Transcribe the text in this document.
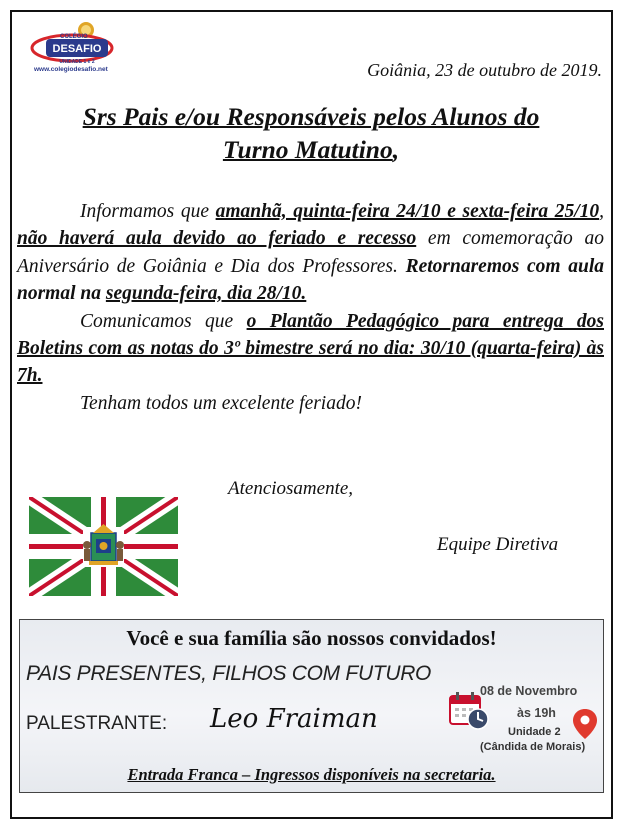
COLÉGIO
DESAFIO
UNIDADE 1 e 2
www.colegiodesafio.net	Goiânia, 23 de outubro de 2019.
Srs Pais e/ou Responsáveis pelos Alunos do
Turno Matutino,

Informamos que amanhã, quinta-feira 24/10 e sexta-feira 25/10, não haverá aula devido ao feriado e recesso em comemoração ao Aniversário de Goiânia e Dia dos Professores. Retornaremos com aula normal na segunda-feira, dia 28/10.

Comunicamos que o Plantão Pedagógico para entrega dos Boletins com as notas do 3º bimestre será no dia: 30/10 (quarta-feira) às 7h.

Tenham todos um excelente feriado!

Atenciosamente,
Equipe Diretiva
Você e sua família são nossos convidados!
PAIS PRESENTES, FILHOS COM FUTURO
PALESTRANTE: Leo Fraiman
08 de Novembro
às 19h
Unidade 2
(Cândida de Morais)
Entrada Franca – Ingressos disponíveis na secretaria.
